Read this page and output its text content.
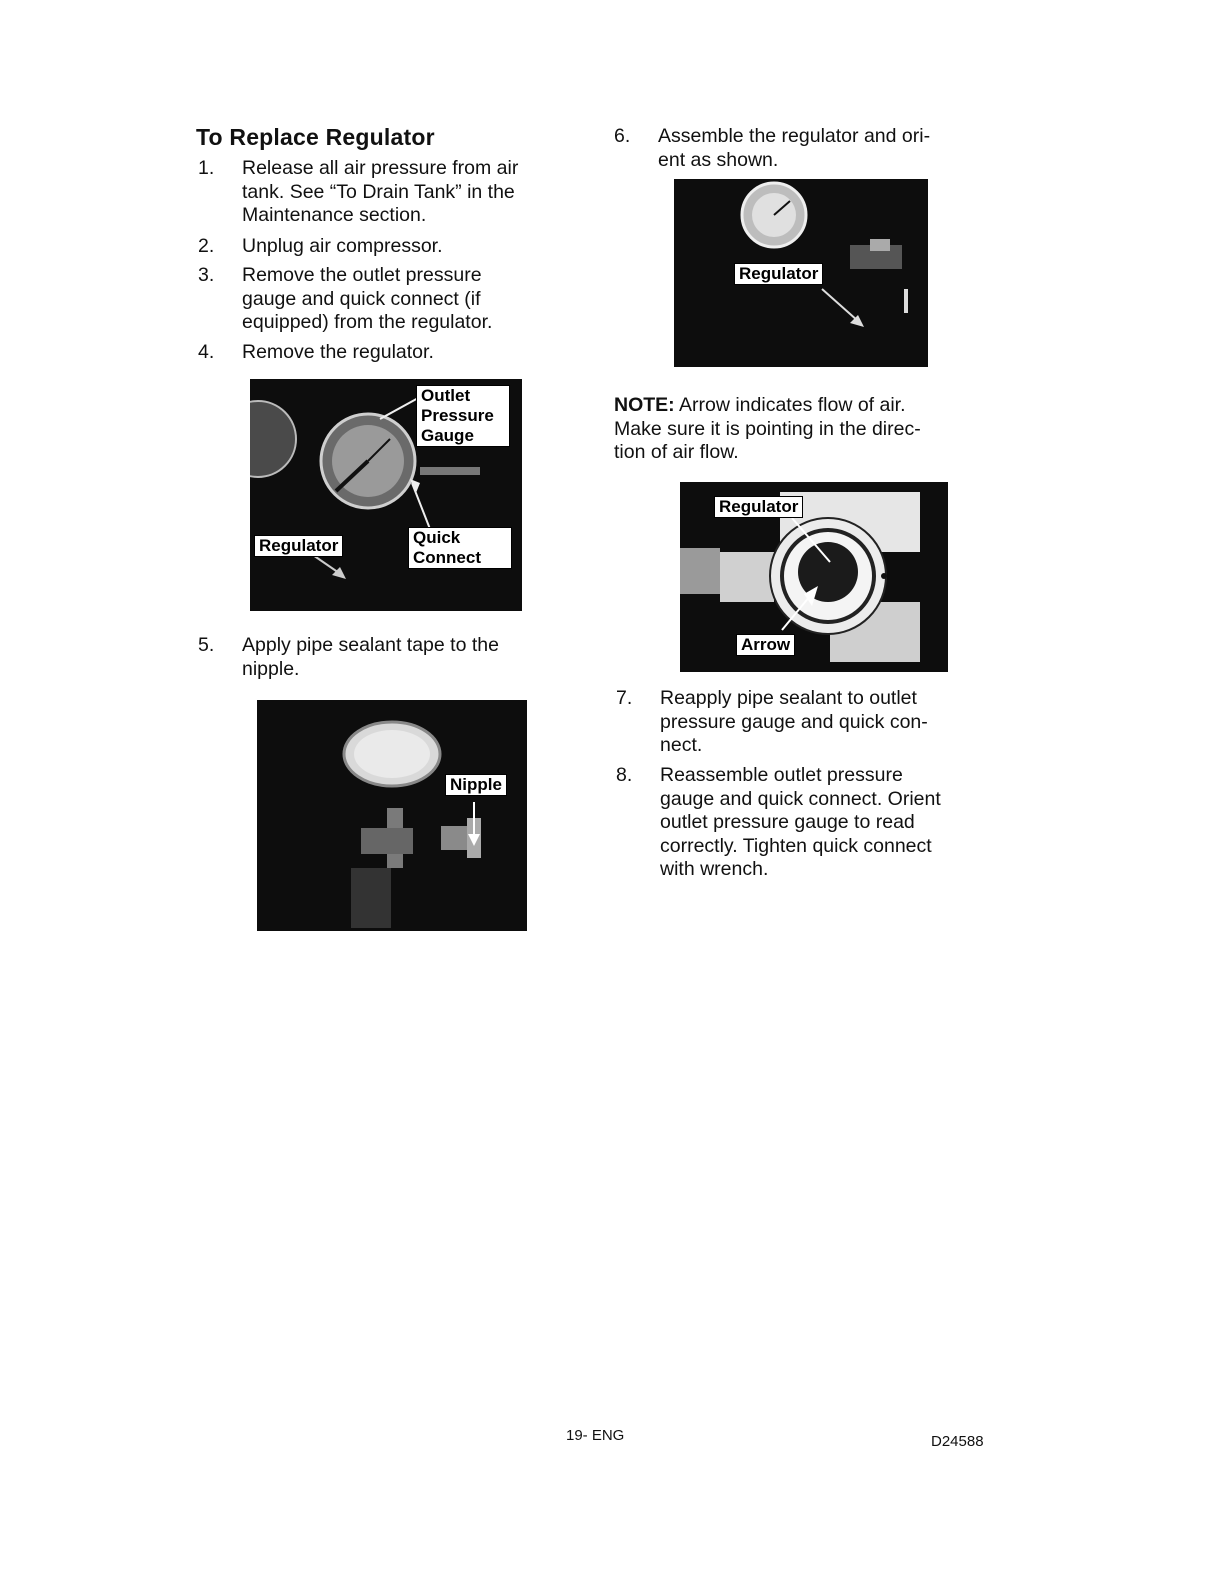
To Replace Regulator
1.	Release all air pressure from air
tank. See “To Drain Tank” in the
Maintenance section.
2.	Unplug air compressor.
3.	Remove the outlet pressure
gauge and quick connect (if
equipped) from the regulator.
4.	Remove the regulator.
Outlet
Pressure
Gauge
Regulator	Quick
Connect
5.	Apply pipe sealant tape to the
nipple.
Nipple
6.	Assemble the regulator and ori-
ent as shown.
Regulator
NOTE: Arrow indicates flow of air.
Make sure it is pointing in the direc-
tion of air flow.
Regulator
Arrow
7.	Reapply pipe sealant to outlet
pressure gauge and quick con-
nect.
8.	Reassemble outlet pressure
gauge and quick connect. Orient
outlet pressure gauge to read
correctly. Tighten quick connect
with wrench.
19- ENG	D24588
